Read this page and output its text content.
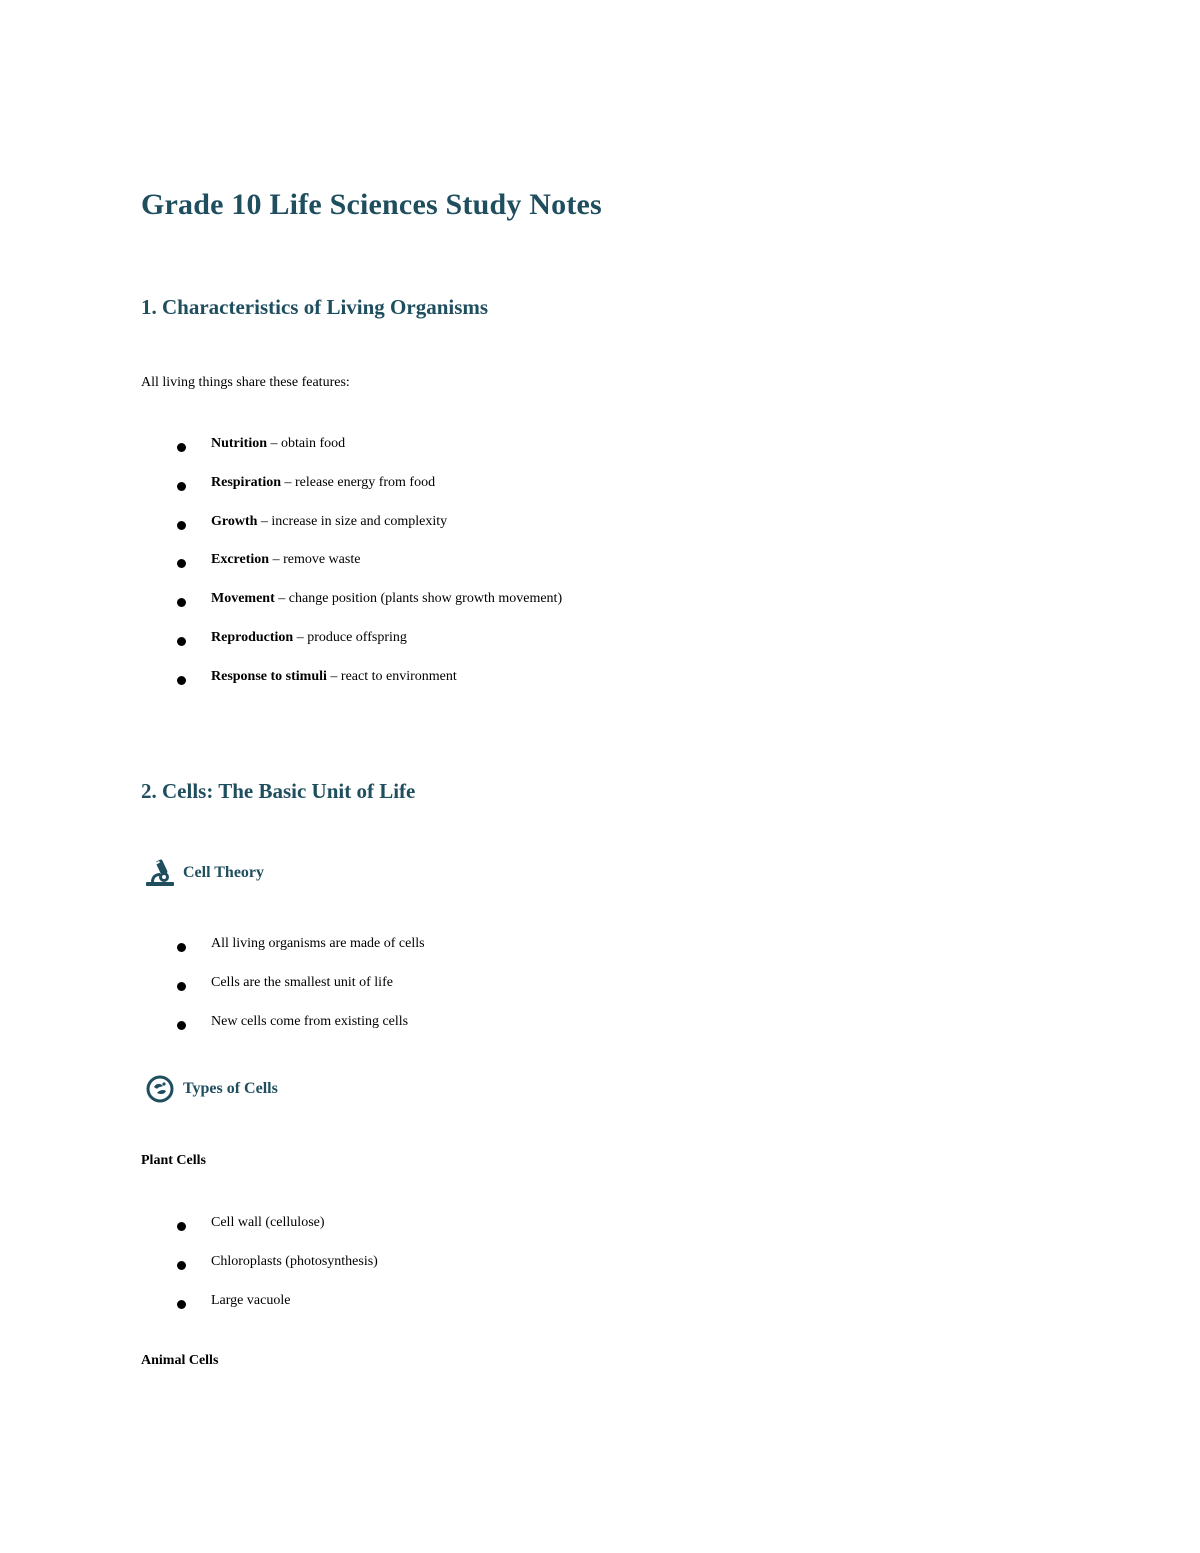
Grade 10 Life Sciences Study Notes
1. Characteristics of Living Organisms

All living things share these features:

Nutrition – obtain food
Respiration – release energy from food
Growth – increase in size and complexity
Excretion – remove waste
Movement – change position (plants show growth movement)
Reproduction – produce offspring
Response to stimuli – react to environment
2. Cells: The Basic Unit of Life
Cell Theory
All living organisms are made of cells
Cells are the smallest unit of life
New cells come from existing cells
Types of Cells

Plant Cells

Cell wall (cellulose)
Chloroplasts (photosynthesis)
Large vacuole

Animal Cells
